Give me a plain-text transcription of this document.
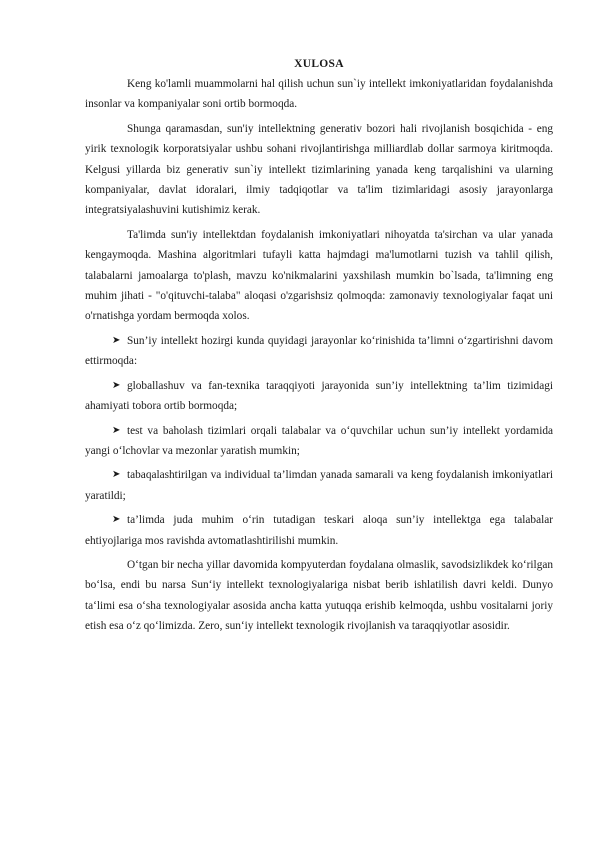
XULOSA

Keng ko'lamli muammolarni hal qilish uchun sun`iy intellekt imkoniyatlaridan foydalanishda insonlar va kompaniyalar soni ortib bormoqda.

Shunga qaramasdan, sun'iy intellektning generativ bozori hali rivojlanish bosqichida - eng yirik texnologik korporatsiyalar ushbu sohani rivojlantirishga milliardlab dollar sarmoya kiritmoqda. Kelgusi yillarda biz generativ sun`iy intellekt tizimlarining yanada keng tarqalishini va ularning kompaniyalar, davlat idoralari, ilmiy tadqiqotlar va ta'lim tizimlaridagi asosiy jarayonlarga integratsiyalashuvini kutishimiz kerak.

Ta'limda sun'iy intellektdan foydalanish imkoniyatlari nihoyatda ta'sirchan va ular yanada kengaymoqda. Mashina algoritmlari tufayli katta hajmdagi ma'lumotlarni tuzish va tahlil qilish, talabalarni jamoalarga to'plash, mavzu ko'nikmalarini yaxshilash mumkin bo`lsada, ta'limning eng muhim jihati - "o'qituvchi-talaba" aloqasi o'zgarishsiz qolmoqda: zamonaviy texnologiyalar faqat uni o'rnatishga yordam bermoqda xolos.

➤ Sun’iy intellekt hozirgi kunda quyidagi jarayonlar ko‘rinishida ta’limni o‘zgartirishni davom ettirmoqda:

➤ globallashuv va fan-texnika taraqqiyoti jarayonida sun’iy intellektning ta’lim tizimidagi ahamiyati tobora ortib bormoqda;

➤ test va baholash tizimlari orqali talabalar va o‘quvchilar uchun sun’iy intellekt yordamida yangi o‘lchovlar va mezonlar yaratish mumkin;

➤ tabaqalashtirilgan va individual ta’limdan yanada samarali va keng foydalanish imkoniyatlari yaratildi;

➤ ta’limda juda muhim o‘rin tutadigan teskari aloqa sun’iy intellektga ega talabalar ehtiyojlariga mos ravishda avtomatlashtirilishi mumkin.

O‘tgan bir necha yillar davomida kompyuterdan foydalana olmaslik, savodsizlikdek ko‘rilgan bo‘lsa, endi bu narsa Sun‘iy intellekt texnologiyalariga nisbat berib ishlatilish davri keldi. Dunyo ta‘limi esa o‘sha texnologiyalar asosida ancha katta yutuqqa erishib kelmoqda, ushbu vositalarni joriy etish esa o‘z qo‘limizda. Zero, sun‘iy intellekt texnologik rivojlanish va taraqqiyotlar asosidir.
